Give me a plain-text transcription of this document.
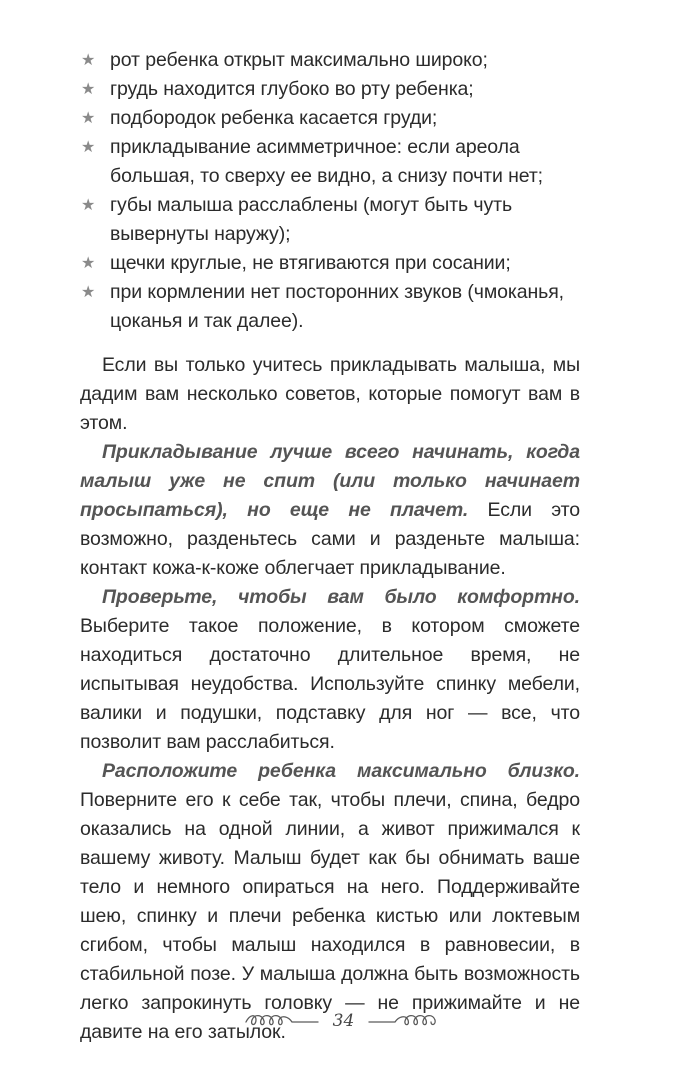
★ рот ребенка открыт максимально широко;
★ грудь находится глубоко во рту ребенка;
★ подбородок ребенка касается груди;
★ прикладывание асимметричное: если ареола большая, то сверху ее видно, а снизу почти нет;
★ губы малыша расслаблены (могут быть чуть вывернуты наружу);
★ щечки круглые, не втягиваются при сосании;
★ при кормлении нет посторонних звуков (чмоканья, цоканья и так далее).

Если вы только учитесь прикладывать малыша, мы дадим вам несколько советов, которые помогут вам в этом.

Прикладывание лучше всего начинать, когда малыш уже не спит (или только начинает просыпаться), но еще не плачет. Если это возможно, разденьтесь сами и разденьте малыша: контакт кожа-к-коже облегчает прикладывание.

Проверьте, чтобы вам было комфортно. Выберите такое положение, в котором сможете находиться достаточно длительное время, не испытывая неудобства. Используйте спинку мебели, валики и подушки, подставку для ног — все, что позволит вам расслабиться.

Расположите ребенка максимально близко. Поверните его к себе так, чтобы плечи, спина, бедро оказались на одной линии, а живот прижимался к вашему животу. Малыш будет как бы обнимать ваше тело и немного опираться на него. Поддерживайте шею, спинку и плечи ребенка кистью или локтевым сгибом, чтобы малыш находился в равновесии, в стабильной позе. У малыша должна быть возможность легко запрокинуть головку — не прижимайте и не давите на его затылок.	34
